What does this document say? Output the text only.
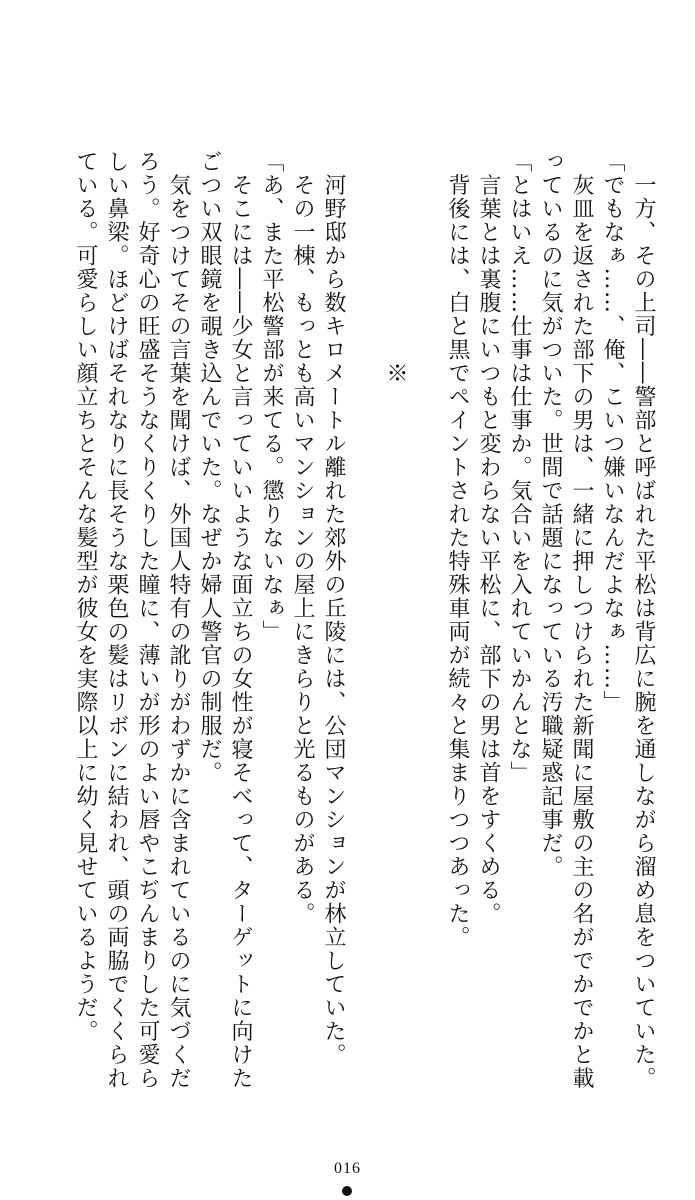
　一方、その上司――警部と呼ばれた平松は背広に腕を通しながら溜め息をついていた。
「でもなぁ……、俺、こいつ嫌いなんだよなぁ……」
　灰皿を返された部下の男は、一緒に押しつけられた新聞に屋敷の主の名がでかでかと載
っているのに気がついた。世間で話題になっている汚職疑惑記事だ。
「とはいえ……仕事は仕事か。気合いを入れていかんとな」
　言葉とは裏腹にいつもと変わらない平松に、部下の男は首をすくめる。
　背後には、白と黒でペイントされた特殊車両が続々と集まりつつあった。

　　　　　　　　　※

　河野邸から数キロメートル離れた郊外の丘陵には、公団マンションが林立していた。
　その一棟、もっとも高いマンションの屋上にきらりと光るものがある。
「あ、また平松警部が来てる。懲りないなぁ」
　そこには――少女と言っていいような面立ちの女性が寝そべって、ターゲットに向けた
ごつい双眼鏡を覗き込んでいた。なぜか婦人警官の制服だ。
　気をつけてその言葉を聞けば、外国人特有の訛りがわずかに含まれているのに気づくだ
ろう。好奇心の旺盛そうなくりくりした瞳に、薄いが形のよい唇やこぢんまりした可愛ら
しい鼻梁。ほどけばそれなりに長そうな栗色の髪はリボンに結われ、頭の両脇でくくられ
ている。可愛らしい顔立ちとそんな髪型が彼女を実際以上に幼く見せているようだ。
016
